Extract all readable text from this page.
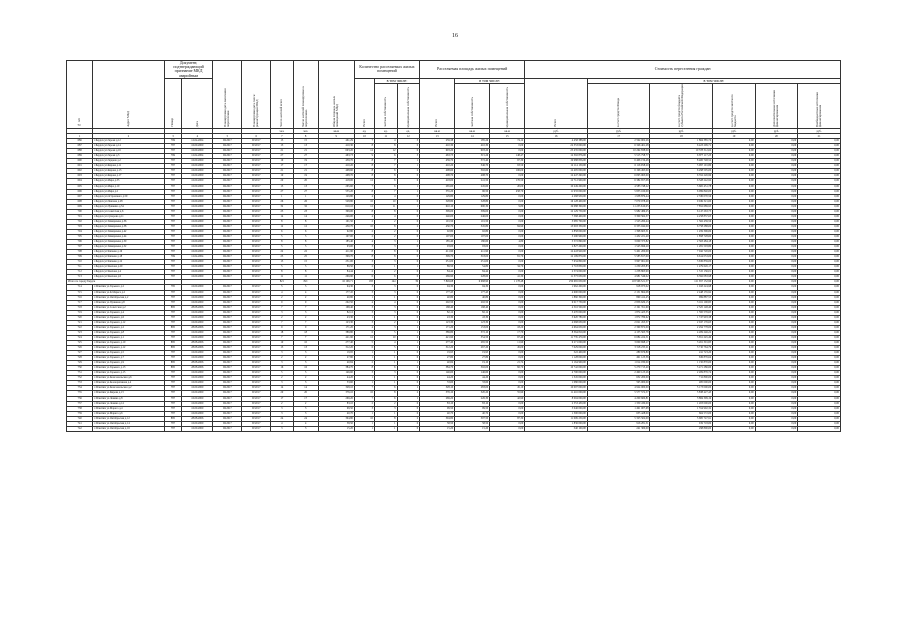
16
№ п/п	Адрес МКД	Документ, подтверждающий признание МКД аварийным		Планируемая дата окончания переселения	Планируемая дата сноса/реконструкции МКД	Число жителей всего	Число жителей планируемых к переселению	Общая площадь жилых помещений МКД	Количество расселяемых жилых помещений			Расселяемая площадь жилых помещений			Стоимость переселения граждан					
		Номер	Дата						Всего	в том числе:		Всего	в том числе:		Всего	в том числе:				
										частная собственность	муниципальная собственность		частная собственность	муниципальная собственность		за счет средств Фонда	за счет средств бюджета субъекта Российской Федерации	за счет средств местного бюджета	Дополнительные источники финансирования	Внебюджетные источники финансирования
						чел.	чел.	кв.м	ед.	ед.	ед.	кв.м	кв.м	кв.м	руб.	руб.	руб.	руб.	руб.	руб.
1	2	3	4	5	6	7	8	9	10	11	12	13	14	15	16	17	18	19	20	21
686	г.Бердск ул.Героев д.12	769	12.04.2004	III.2017	IV.2017	15	15	461,29	7	4	3	259,38	185,26	74,12	4 458 388,00	2 594 002,26	1 864 385,74	0,00	0,00	0,00
687	г.Бердск ул.Героев д.14	787	16.09.2000	III.2017	IV.2017	13	13	410,30	8	8	0	410,30	410,30	0,00	22 353 000,00	6 346 461,28	6 423 299,71	0,00	0,00	0,00
688	г.Бердск ул.Героев д.16	787	16.09.2000	III.2017	IV.2017	21	21	603,20	12	12	0	603,20	603,20	0,00	25 435 000,00	10 264 838,00	10 378 312,62	0,00	0,00	0,00
689	г.Бердск ул.Героев д.3	769	12.04.2004	III.2017	IV.2017	27	27	463,73	9	6	3	463,73	315,26	148,47	12 392 876,00	5 515 758,77	6 877 117,23	0,00	0,00	0,00
690	г.Бердск ул.Герцена д.2	787	16.09.2000	III.2017	IV.2017	19	19	439,70	8	7	1	439,70	372,40	67,30	19 988 856,00	6 406 159,48	8 400 748,52	0,00	0,00	0,00
691	г.Бердск ул.Кирова д.11	787	16.09.2000	III.2017	IV.2017	17	17	410,20	8	7	1	410,20	346,70	63,50	12 114 150,00	6 116 958,20	5 997 191,80	0,00	0,00	0,00
692	г.Бердск ул.Кирова д.13	787	16.09.2000	III.2017	IV.2017	21	21	408,60	8	6	2	408,60	302,60	106,00	12 495 000,00	6 196 495,00	6 298 505,00	0,00	0,00	0,00
693	г.Бердск ул.Кирова д.17	787	16.09.2000	III.2017	IV.2017	19	19	408,70	8	8	0	408,70	408,70	0,00	12 447 290,00	6 095 063,00	6 352 226,99	0,00	0,00	0,00
694	г.Бердск ул.Мира д.35	787	16.09.2000	III.2017	IV.2017	20	20	418,00	12	6	6	418,00	241,50	176,50	12 712 900,00	6 384 657,08	6 328 242,92	0,00	0,00	0,00
695	г.Бердск ул.Мира д.10	787	16.09.2000	III.2017	IV.2017	13	13	265,60	7	6	1	265,60	245,60	20,00	10 249 200,00	4 583 748,22	5 665 451,78	0,00	0,00	0,00
696	г.Бердск ул.Мира д.2	787	16.09.2000	III.2017	IV.2017	27	27	555,20	8	7	1	555,20	96,50	458,70	11 933 000,00	5 833 160,00	6 099 840,00	0,00	0,00	0,00
697	г.Бердск ул.Островского д.59	787	16.09.2000	III.2017	IV.2017	1	1	129,80	4	4	0	129,80	129,80	0,00	4 268 950,00	1 938 879,44	2 330 070,56	0,00	0,00	0,00
698	г.Бердск ул.Павлова д.28	787	16.09.2000	III.2017	IV.2017	26	26	528,80	10	10	0	528,80	528,80	0,00	16 128 400,00	7 079 078,40	9 049 321,60	0,00	0,00	0,00
699	г.Бердск ул.Пушкина д.34	787	16.09.2000	III.2017	IV.2017	32	32	610,10	12	11	1	610,10	600,30	9,80	19 088 300,00	11 235 610,05	7 852 689,95	0,00	0,00	0,00
700	г.Бердск ул.Советская д.6	787	16.09.2000	III.2017	IV.2017	23	23	399,00	8	8	0	399,00	399,00	0,00	12 129 750,00	5 982 486,25	6 147 263,75	0,00	0,00	0,00
701	г.Бердск ул.Суворова д.11	787	16.09.2000	III.2017	IV.2017	14	14	246,00	4	4	0	246,00	246,00	0,00	7 568 400,00	3 309 562,37	4 258 837,63	0,00	0,00	0,00
702	г.Бердск ул.Тимирязева д.36	787	16.09.2000	III.2017	IV.2017	8	8	101,50	2	2	0	101,50	101,50	0,00	3 085 700,00	1 523 260,44	1 562 439,56	0,00	0,00	0,00
703	г.Бердск ул.Тимирязева д.38	787	16.09.2000	III.2017	IV.2017	12	12	430,70	10	8	2	430,70	345,80	84,90	13 093 330,00	6 335 042,00	6 758 288,00	0,00	0,00	0,00
704	г.Бердск ул.Тимирязева д.42	787	16.09.2000	III.2017	IV.2017	6	6	92,80	2	2	0	92,80	92,80	0,00	2 858 000,00	1 398 603,31	1 459 396,69	0,00	0,00	0,00
705	г.Бердск ул.Тимирязева д.44	787	16.09.2000	III.2017	IV.2017	5	5	107,00	2	2	0	107,00	107,00	0,00	3 290 900,00	1 432 221,40	1 858 728,60	0,00	0,00	0,00
706	г.Бердск ул.Тимирязева д.50	787	16.09.2000	III.2017	IV.2017	8	8	185,40	4	3	1	185,40	180,60	4,80	5 572 860,00	3 009 375,82	2 563 484,18	0,00	0,00	0,00
707	г.Бердск ул.Тимирязева д.52	787	16.09.2000	III.2017	IV.2017	5	5	93,00	3	3	0	93,00	93,00	0,00	2 827 200,00	1 545 696,20	1 281 503,80	0,00	0,00	0,00
708	г.Бердск ул.Чапаева д.16	787	16.09.2000	III.2017	IV.2017	22	22	411,90	8	8	0	411,90	411,90	0,00	12 443 920,00	5 401 200,00	7 042 720,00	0,00	0,00	0,00
709	г.Бердск ул.Чапаева д.18	769	12.04.2004	III.2017	IV.2017	25	25	399,70	8	8	0	399,70	318,00	81,70	12 199 870,00	5 585 817,00	6 614 053,00	0,00	0,00	0,00
710	г.Бердск ул.Чапаева д.12	787	16.09.2000	III.2017	IV.2017	15	15	251,00	3	3	0	251,00	251,00	0,00	7 634 800,00	3 997 961,00	3 636 839,00	0,00	0,00	0,00
711	г.Бердск ул.Чкалова д.20	787	16.09.2000	III.2017	IV.2017	5	5	89,50	2	1	1	89,50	54,80	34,70	2 718 830,00	1 239 203,83	1 479 626,17	0,00	0,00	0,00
712	г.Бердск ул.Чкалова д.4	787	16.09.2000	III.2017	IV.2017	8	8	84,44	2	2	0	84,44	84,44	0,00	2 574 000,00	1 258 863,99	1 315 136,01	0,00	0,00	0,00
713	г.Бердск ул.Чкалова д.6	787	16.09.2000	III.2017	IV.2017	11	11	269,90	6	6	0	269,90	228,60	41,30	11 373 630,00	4 981 546,02	6 392 083,98	0,00	0,00	0,00
Итого по городу Бердск						821	821	16 196,71	183	144	39	7 849,68	6 668,90	1 178,48	259 665 650,00	118 566 521,57	121 657 152,96	0,00	0,00	0,00
714	г.Искитим ул.Горького д.2	785	16.09.2000	III.2017	IV.2017	5	5	94,30	3	3	0	94,30	94,30	0,00	1 962 200,00	918 975,02	1 043 224,98	0,00	0,00	0,00
715	г.Искитим ул.К.Маркса д.2	787	16.09.2000	III.2017	IV.2017	4	4	177,45	3	3	0	177,45	177,45	0,00	4 600 000,00	2 151 864,08	2 448 135,92	0,00	0,00	0,00
716	г.Искитим ул.Октябрьская д.2	787	16.09.2000	III.2017	IV.2017	2	2	40,80	1	1	0	40,80	40,80	0,00	1 860 300,00	860 412,45	999 887,55	0,00	0,00	0,00
717	г.Искитим ул.Пушкина д.8	787	16.09.2000	III.2017	IV.2017	9	9	202,50	4	4	0	202,50	202,50	0,00	6 017 730,00	2 856 629,15	3 161 100,85	0,00	0,00	0,00
718	г.Искитим ул.Советская д.2	885	28.08.2006	III.2017	IV.2017	7	7	168,40	3	3	0	168,40	168,40	0,00	4 516 500,00	2 191 351,60	2 325 148,40	0,00	0,00	0,00
719	г.Искитим ул.Горького д.4	787	16.09.2000	III.2017	IV.2017	3	3	82,12	3	3	0	82,12	82,12	0,00	3 470 000,00	1 874 423,35	1 595 576,65	0,00	0,00	0,00
720	г.Искитим ул.Горького д.6	787	16.09.2000	III.2017	IV.2017	2	2	43,30	1	1	0	43,30	43,30	0,00	3 620 780,00	1 872 786,62	1 747 993,38	0,00	0,00	0,00
721	г.Искитим ул.Горького д.12	787	16.09.2000	III.2017	IV.2017	7	7	123,30	3	2	1	123,30	123,30	0,00	4 068 630,00	2 021 453,37	2 047 176,63	0,00	0,00	0,00
722	г.Искитим ул.Горького д.2	885	28.08.2006	III.2017	IV.2017	9	9	171,20	4	3	1	171,20	153,00	18,20	4 664 650,00	2 369 872,00	2 294 778,00	0,00	0,00	0,00
723	г.Искитим ул.Горького д.8	787	16.09.2000	III.2017	IV.2017	18	18	389,80	6	5	1	389,80	372,10	17,70	8 364 810,00	4 155 563,78	4 209 246,22	0,00	0,00	0,00
724	г.Искитим ул.Горького д.1	787	16.09.2000	III.2017	IV.2017	7	7	421,90	12	10	2	421,90	354,50	67,40	11 735 470,00	6 084 224,51	5 651 245,49	0,00	0,00	0,00
725	г.Искитим ул.Горького д.10	885	28.08.2006	III.2017	IV.2017	10	10	277,40	5	4	1	277,40	265,50	11,90	6 271 000,00	3 009 698,17	3 261 301,83	0,00	0,00	0,00
726	г.Искитим ул.Горького д.12	885	28.08.2006	III.2017	IV.2017	13	13	312,20	6	5	1	312,20	267,20	45,00	7 029 000,00	3 318 235,21	3 710 764,79	0,00	0,00	0,00
727	г.Искитим ул.Горького д.5	787	16.09.2000	III.2017	IV.2017	3	3	19,95	1	1	0	19,95	19,95	0,00	522 400,00	280 676,80	241 723,20	0,00	0,00	0,00
728	г.Искитим ул.Горького д.7	787	16.09.2000	III.2017	IV.2017	2	2	27,80	1	1	0	27,80	27,80	0,00	1 128 000,00	491 123,36	636 876,64	0,00	0,00	0,00
729	г.Искитим ул.Горького д.9	885	28.08.2006	III.2017	IV.2017	3	3	40,84	2	1	1	40,84	19,10	21,74	2 164 900,00	1 014 030,00	1 150 870,00	0,00	0,00	0,00
730	г.Искитим ул.Горького д.13	885	28.08.2006	III.2017	IV.2017	16	16	384,70	8	6	2	384,70	302,00	82,70	10 742 000,00	5 270 713,40	5 471 286,60	0,00	0,00	0,00
731	г.Искитим ул.Горького д.15	787	16.09.2000	III.2017	IV.2017	5	5	146,60	3	3	0	146,60	146,60	0,00	4 700 000,00	2 490 123,26	2 209 876,74	0,00	0,00	0,00
732	г.Искитим ул.Комсомольская д.6	787	16.09.2000	III.2017	IV.2017	2	2	44,20	1	1	0	44,20	44,20	0,00	1 345 000,00	632 200,00	712 800,00	0,00	0,00	0,00
733	г.Искитим ул.Кооперативная д.4	787	16.09.2000	III.2017	IV.2017	3	3	33,60	1	1	0	33,60	33,60	0,00	1 080 000,00	595 000,00	485 000,00	0,00	0,00	0,00
734	г.Искитим ул.Комсомольская д.2	787	16.09.2000	III.2017	IV.2017	14	14	328,10	7	6	1	328,10	283,00	45,10	10 097 000,00	4 924 000,00	5 173 000,00	0,00	0,00	0,00
735	г.Искитим ул.Кирова д.13	787	16.09.2000	III.2017	IV.2017	20	20	376,10	10	8	2	376,10	320,20	55,90	11 416 000,00	5 577 572,57	5 838 427,43	0,00	0,00	0,00
736	г.Искитим ул.Ленина д.8	787	16.09.2000	III.2017	IV.2017	17	17	269,20	7	6	1	269,20	226,30	42,90	8 094 000,00	4 209 600,81	3 884 399,19	0,00	0,00	0,00
737	г.Искитим ул.Ленина д.14	787	16.09.2000	III.2017	IV.2017	2	2	83,10	2	2	0	83,10	83,10	0,00	2 553 430,00	1 350 430,00	1 203 000,00	0,00	0,00	0,00
738	г.Искитим ул.Маркса д.4	787	16.09.2000	III.2017	IV.2017	3	3	99,50	3	3	0	99,50	99,50	0,00	3 046 000,00	1 491 007,68	1 554 992,32	0,00	0,00	0,00
739	г.Искитим ул.Маркса д.6	787	16.09.2000	III.2017	IV.2017	3	3	40,70	1	1	0	40,70	40,70	0,00	1 300 000,00	635 428,00	664 572,00	0,00	0,00	0,00
740	г.Искитим ул.Октябрьская д.12	885	28.08.2006	III.2017	IV.2017	24	24	394,80	10	8	2	394,80	307,50	87,30	11 009 250,00	5 323 502,09	5 685 747,91	0,00	0,00	0,00
741	г.Искитим ул.Октябрьская д.14	787	16.09.2000	III.2017	IV.2017	4	4	58,50	1	1	0	58,50	58,50	0,00	1 836 000,00	916 281,31	919 718,69	0,00	0,00	0,00
742	г.Искитим ул.Октябрьская д.16	787	16.09.2000	III.2017	IV.2017	3	3	15,20	1	1	0	15,20	15,20	0,00	540 100,00	241 300,00	298 800,00	0,00	0,00	0,00
